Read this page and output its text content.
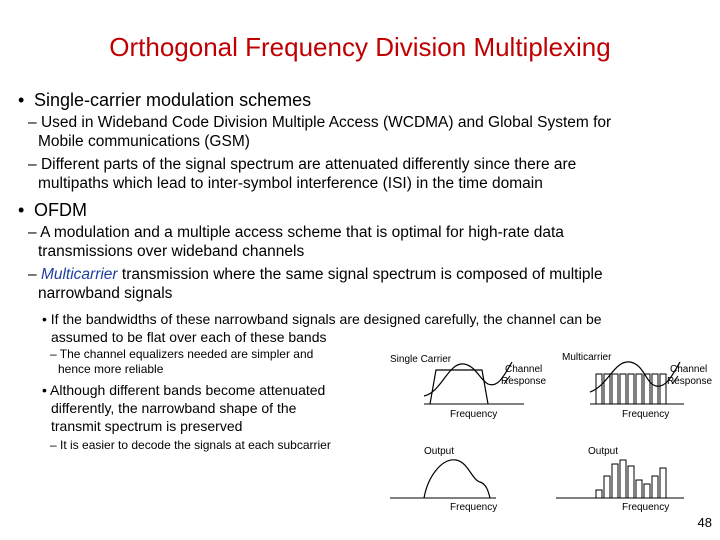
Orthogonal Frequency Division Multiplexing
• Single-carrier modulation schemes
– Used in Wideband Code Division Multiple Access (WCDMA) and Global System for
Mobile communications (GSM)
– Different parts of the signal spectrum are attenuated differently since there are
multipaths which lead to inter-symbol interference (ISI) in the time domain
• OFDM
– A modulation and a multiple access scheme that is optimal for high-rate data
transmissions over wideband channels
– Multicarrier transmission where the same signal spectrum is composed of multiple
narrowband signals
• If the bandwidths of these narrowband signals are designed carefully, the channel can be
assumed to be flat over each of these bands
– The channel equalizers needed are simpler and
hence more reliable
• Although different bands become attenuated
differently, the narrowband shape of the
transmit spectrum is preserved
– It is easier to decode the signals at each subcarrier
Single Carrier	Multicarrier
Channel
Response
Channel
Response
Frequency	Frequency
Output	Output
Frequency	Frequency
48
